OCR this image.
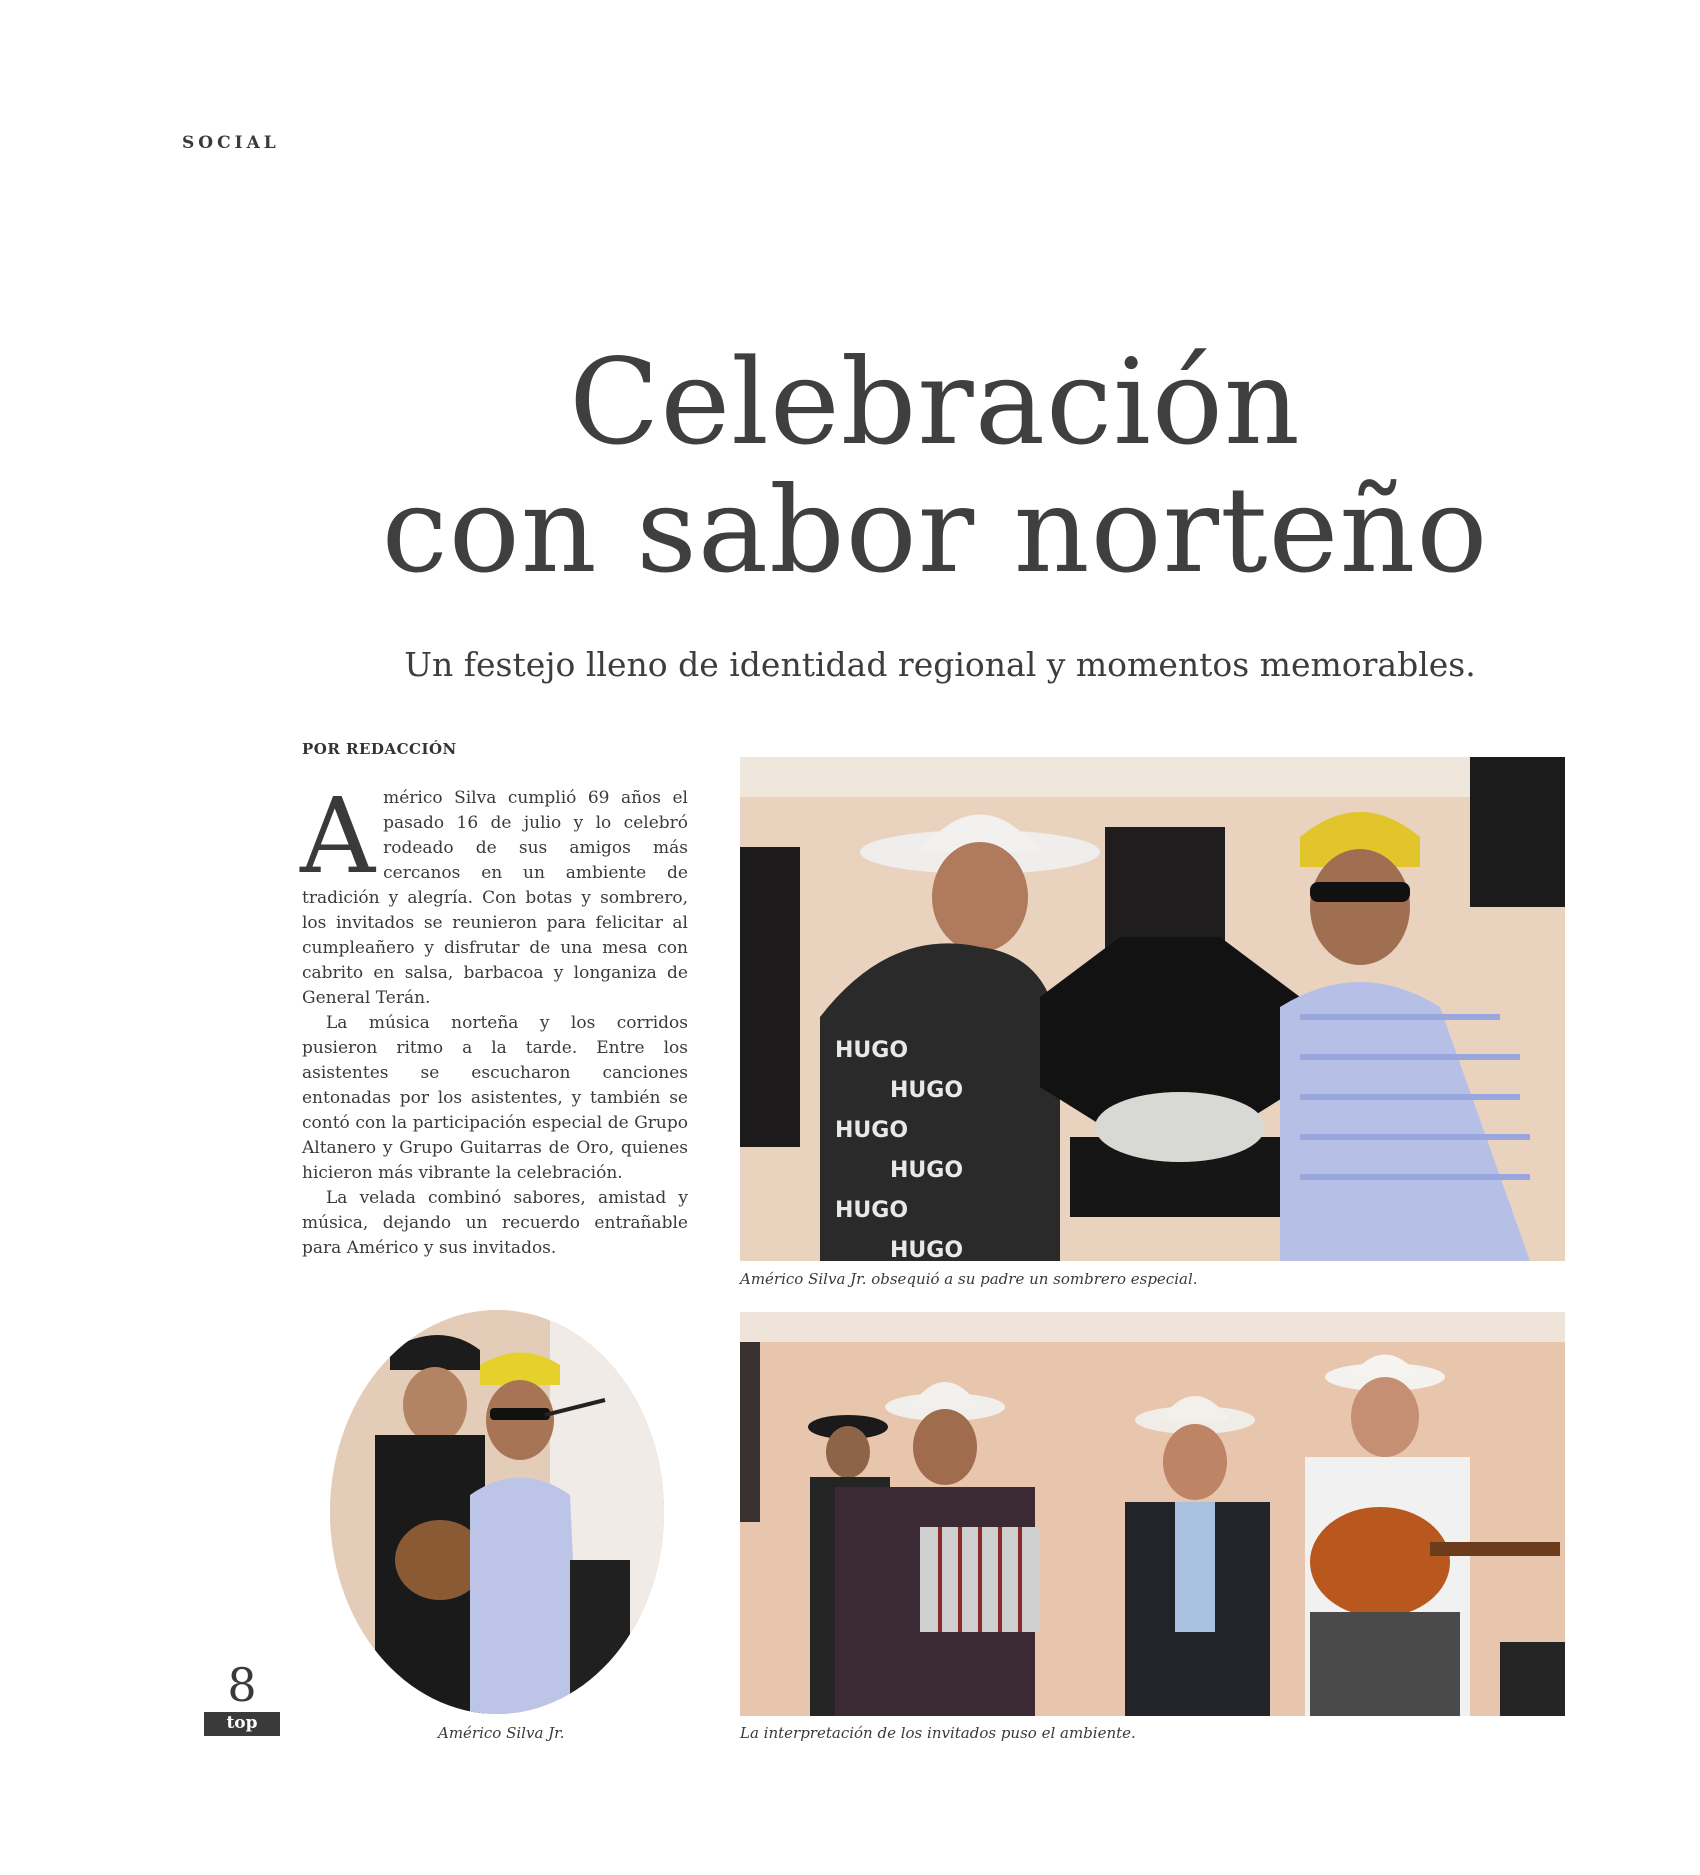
SOCIAL
Celebración
con sabor norteño
Un festejo lleno de identidad regional y momentos memorables.
POR REDACCIÓN

Américo Silva cumplió 69 años el pasado 16 de julio y lo celebró rodeado de sus amigos más cercanos en un ambiente de tradición y alegría. Con botas y sombrero, los invitados se reunieron para felicitar al cumpleañero y disfrutar de una mesa con cabrito en salsa, barbacoa y longaniza de General Terán.

La música norteña y los corridos pusieron ritmo a la tarde. Entre los asistentes se escucharon canciones entonadas por los asistentes, y también se contó con la participación especial de Grupo Altanero y Grupo Guitarras de Oro, quienes hicieron más vibrante la celebración.

La velada combinó sabores, amistad y música, dejando un recuerdo entrañable para Américo y sus invitados.

HUGO
HUGO
HUGO
HUGO
HUGO
HUGO
Américo Silva Jr. obsequió a su padre un sombrero especial.
Américo Silva Jr.	La interpretación de los invitados puso el ambiente.
8
top
